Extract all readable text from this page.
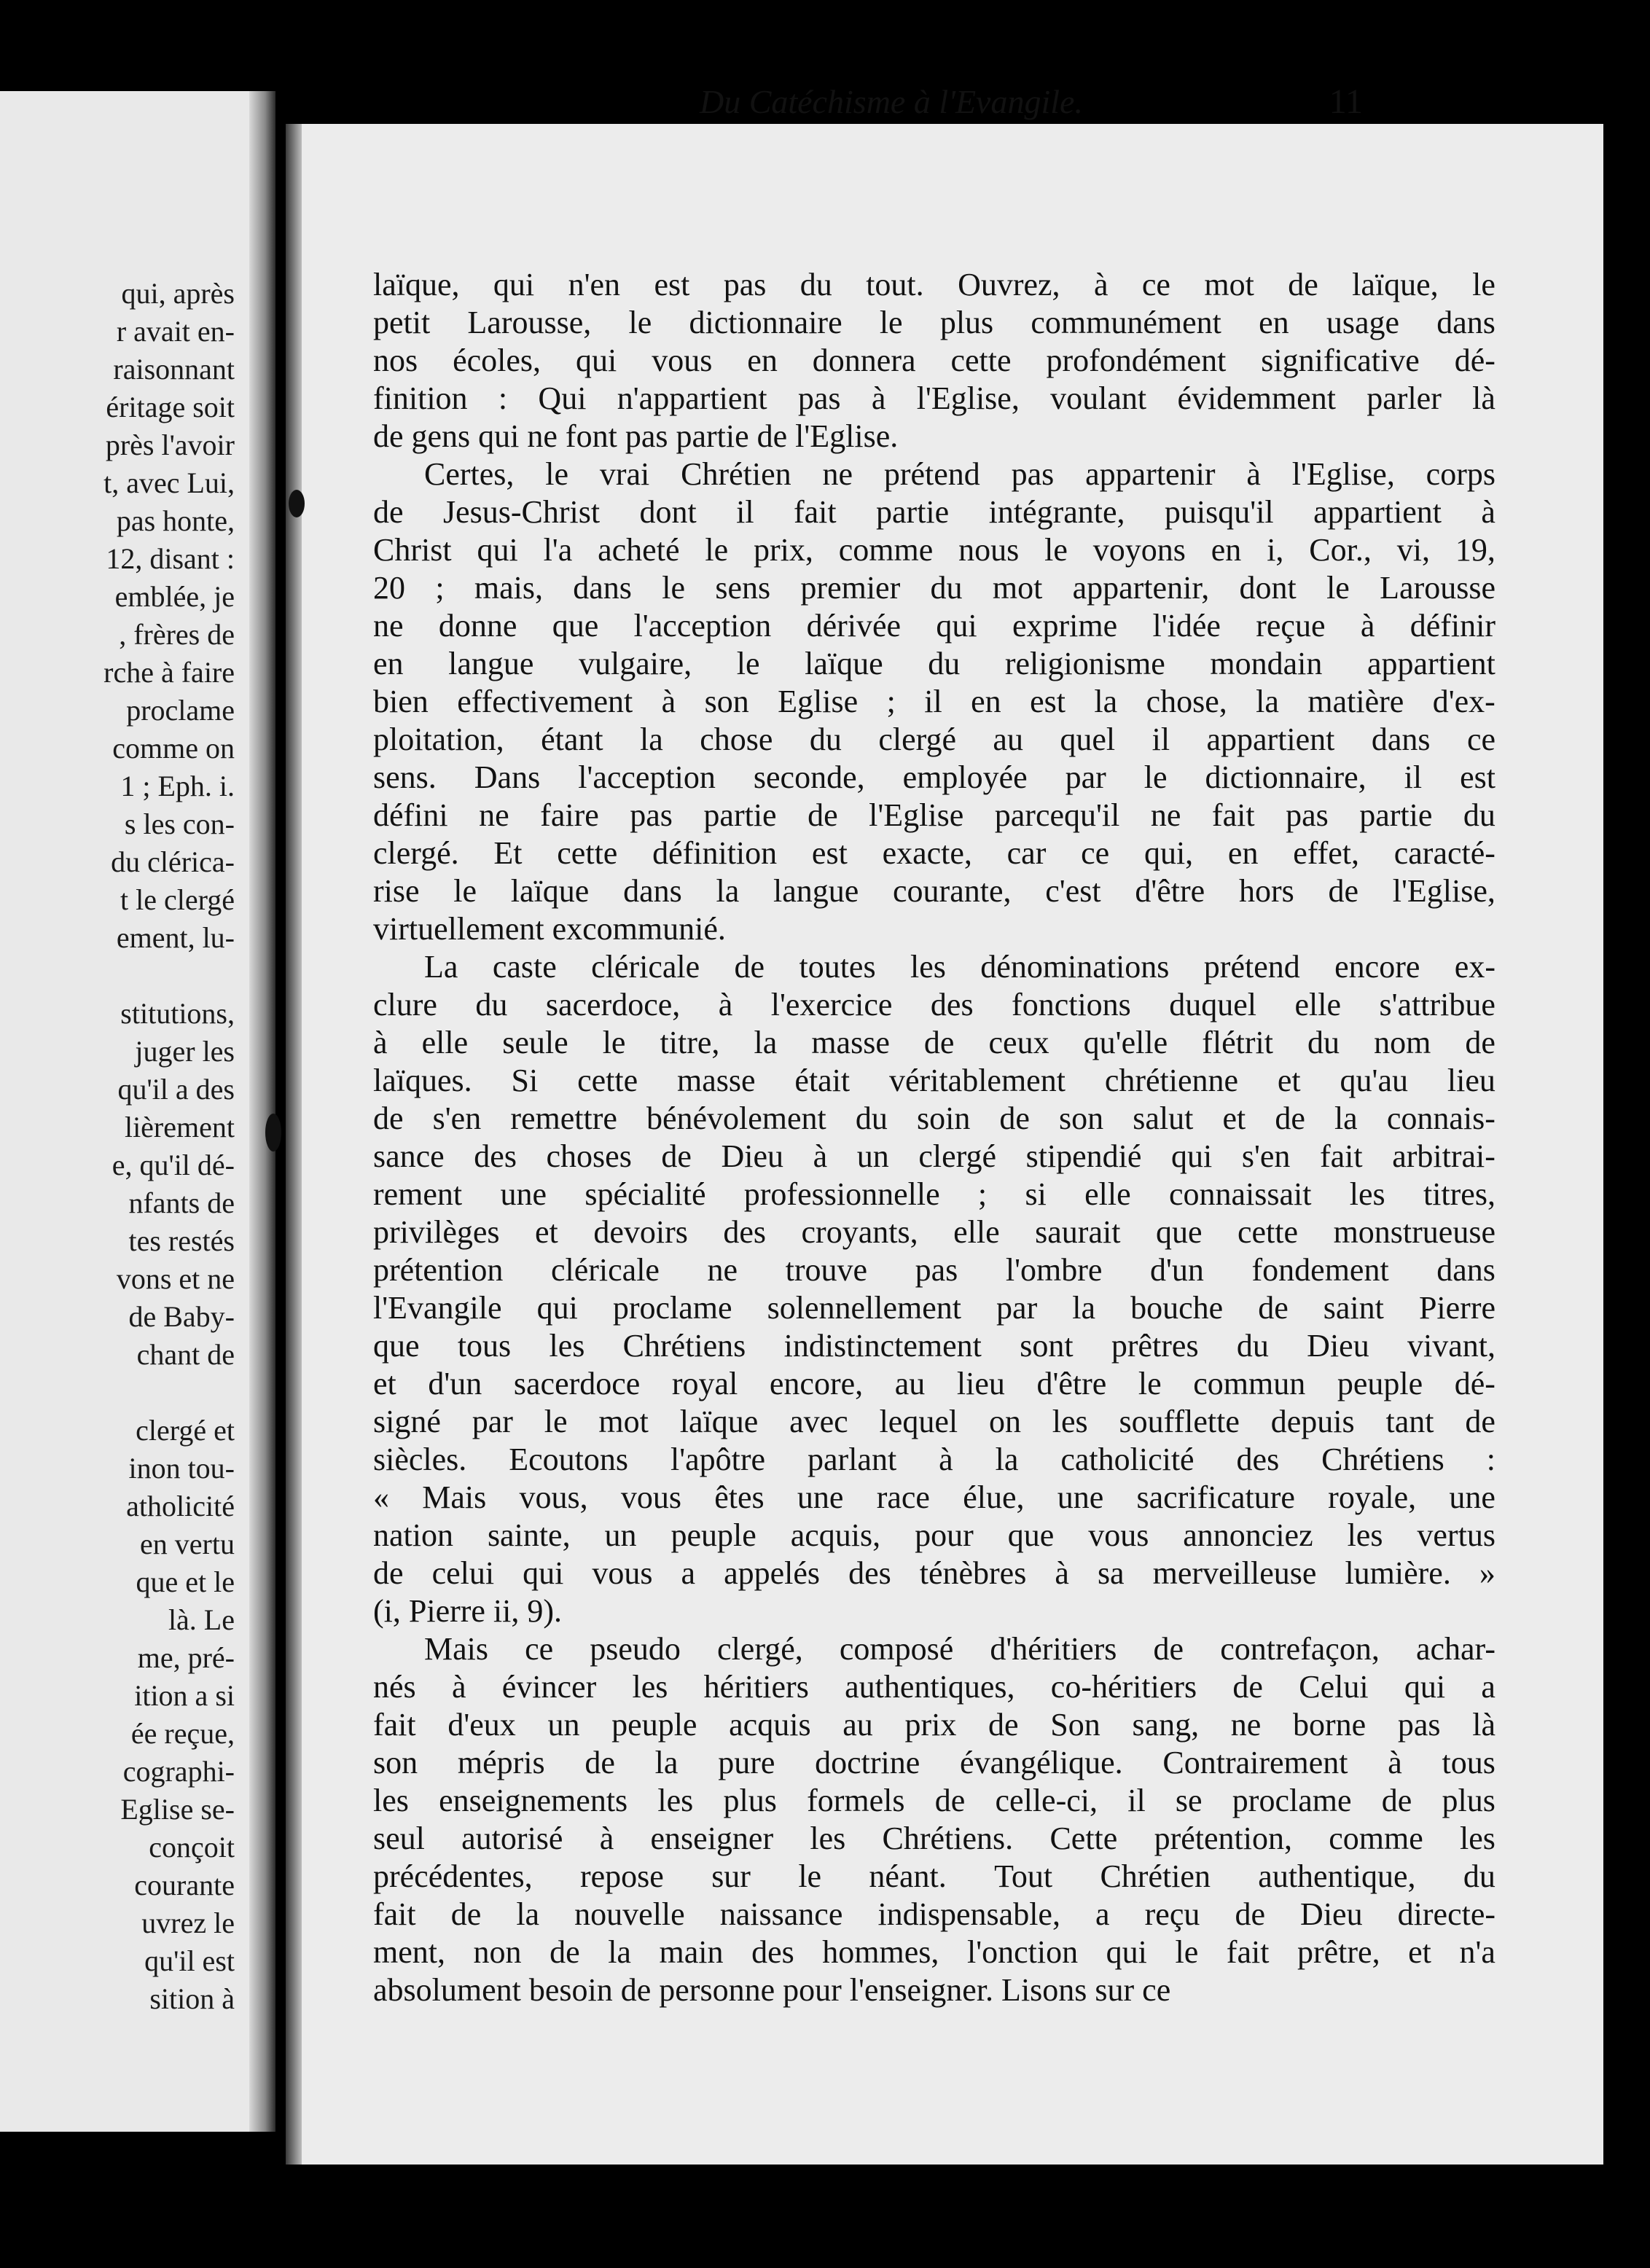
qui, après
r avait en-
raisonnant
éritage soit
près l'avoir
t, avec Lui,
pas honte,
12, disant :
emblée, je
, frères de
rche à faire
proclame
comme on
1 ; Eph. i.
s les con-
du clérica-
t le clergé
ement, lu-
stitutions,
juger les
qu'il a des
lièrement
e, qu'il dé-
nfants de
tes restés
vons et ne
de Baby-
chant de
clergé et
inon tou-
atholicité
en vertu
que et le
là. Le
me, pré-
ition a si
ée reçue,
cographi-
Eglise se-
conçoit
courante
uvrez le
qu'il est
sition à
laïque, qui n'en est pas du tout. Ouvrez, à ce mot de laïque, le
petit Larousse, le dictionnaire le plus communément en usage dans
nos écoles, qui vous en donnera cette profondément significative dé-
finition : Qui n'appartient pas à l'Eglise, voulant évidemment parler là
de gens qui ne font pas partie de l'Eglise.
Certes, le vrai Chrétien ne prétend pas appartenir à l'Eglise, corps
de Jesus-Christ dont il fait partie intégrante, puisqu'il appartient à
Christ qui l'a acheté le prix, comme nous le voyons en i, Cor., vi, 19,
20 ; mais, dans le sens premier du mot appartenir, dont le Larousse
ne donne que l'acception dérivée qui exprime l'idée reçue à définir
en langue vulgaire, le laïque du religionisme mondain appartient
bien effectivement à son Eglise ; il en est la chose, la matière d'ex-
ploitation, étant la chose du clergé au quel il appartient dans ce
sens. Dans l'acception seconde, employée par le dictionnaire, il est
défini ne faire pas partie de l'Eglise parcequ'il ne fait pas partie du
clergé. Et cette définition est exacte, car ce qui, en effet, caracté-
rise le laïque dans la langue courante, c'est d'être hors de l'Eglise,
virtuellement excommunié.
La caste cléricale de toutes les dénominations prétend encore ex-
clure du sacerdoce, à l'exercice des fonctions duquel elle s'attribue
à elle seule le titre, la masse de ceux qu'elle flétrit du nom de
laïques. Si cette masse était véritablement chrétienne et qu'au lieu
de s'en remettre bénévolement du soin de son salut et de la connais-
sance des choses de Dieu à un clergé stipendié qui s'en fait arbitrai-
rement une spécialité professionnelle ; si elle connaissait les titres,
privilèges et devoirs des croyants, elle saurait que cette monstrueuse
prétention cléricale ne trouve pas l'ombre d'un fondement dans
l'Evangile qui proclame solennellement par la bouche de saint Pierre
que tous les Chrétiens indistinctement sont prêtres du Dieu vivant,
et d'un sacerdoce royal encore, au lieu d'être le commun peuple dé-
signé par le mot laïque avec lequel on les soufflette depuis tant de
siècles. Ecoutons l'apôtre parlant à la catholicité des Chrétiens :
« Mais vous, vous êtes une race élue, une sacrificature royale, une
nation sainte, un peuple acquis, pour que vous annonciez les vertus
de celui qui vous a appelés des ténèbres à sa merveilleuse lumière. »
(i, Pierre ii, 9).
Mais ce pseudo clergé, composé d'héritiers de contrefaçon, achar-
nés à évincer les héritiers authentiques, co-héritiers de Celui qui a
fait d'eux un peuple acquis au prix de Son sang, ne borne pas là
son mépris de la pure doctrine évangélique. Contrairement à tous
les enseignements les plus formels de celle-ci, il se proclame de plus
seul autorisé à enseigner les Chrétiens. Cette prétention, comme les
précédentes, repose sur le néant. Tout Chrétien authentique, du
fait de la nouvelle naissance indispensable, a reçu de Dieu directe-
ment, non de la main des hommes, l'onction qui le fait prêtre, et n'a
absolument besoin de personne pour l'enseigner. Lisons sur ce
Du Catéchisme à l'Evangile.	11
